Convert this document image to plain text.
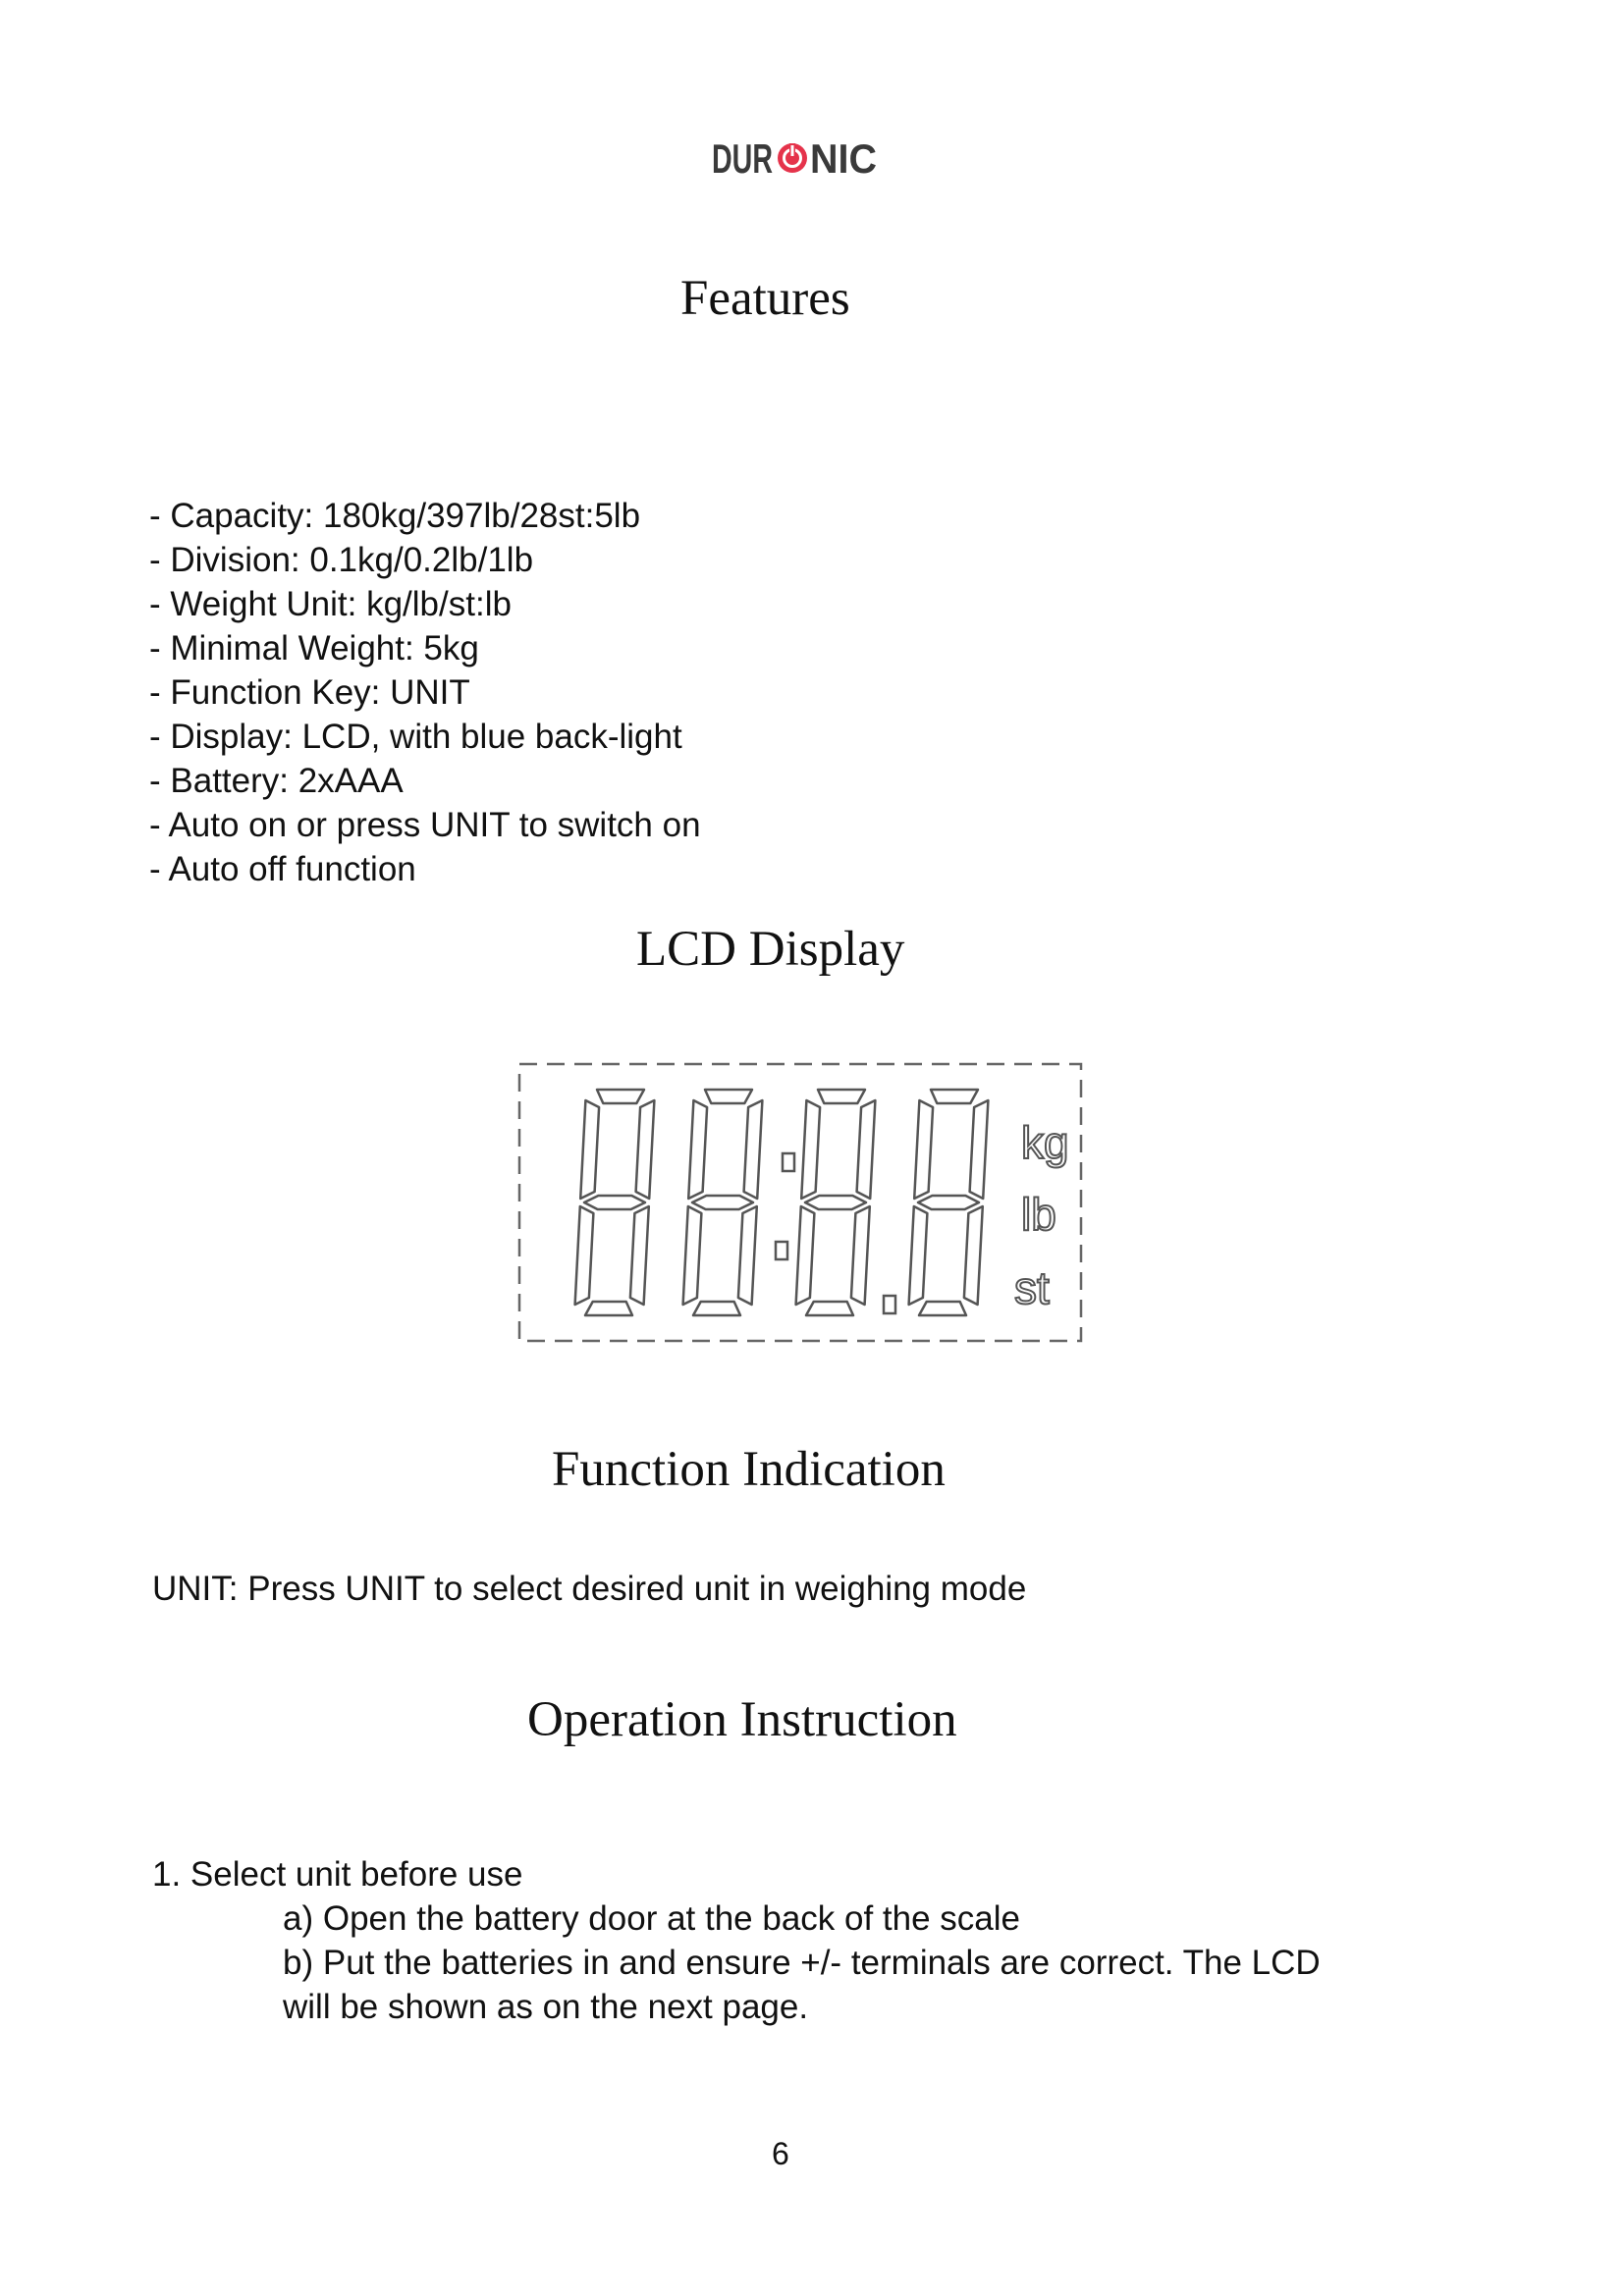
DUR NIC
Features
- Capacity: 180kg/397lb/28st:5lb
- Division: 0.1kg/0.2lb/1lb
- Weight Unit: kg/lb/st:lb
- Minimal Weight: 5kg
- Function Key: UNIT
- Display: LCD, with blue back-light
- Battery: 2xAAA
- Auto on or press UNIT to switch on
- Auto off function
LCD Display
kg
lb
st
Function Indication
UNIT: Press UNIT to select desired unit in weighing mode
Operation Instruction
1. Select unit before use
a) Open the battery door at the back of the scale
b) Put the batteries in and ensure +/- terminals are correct. The LCD
will be shown as on the next page.
6
